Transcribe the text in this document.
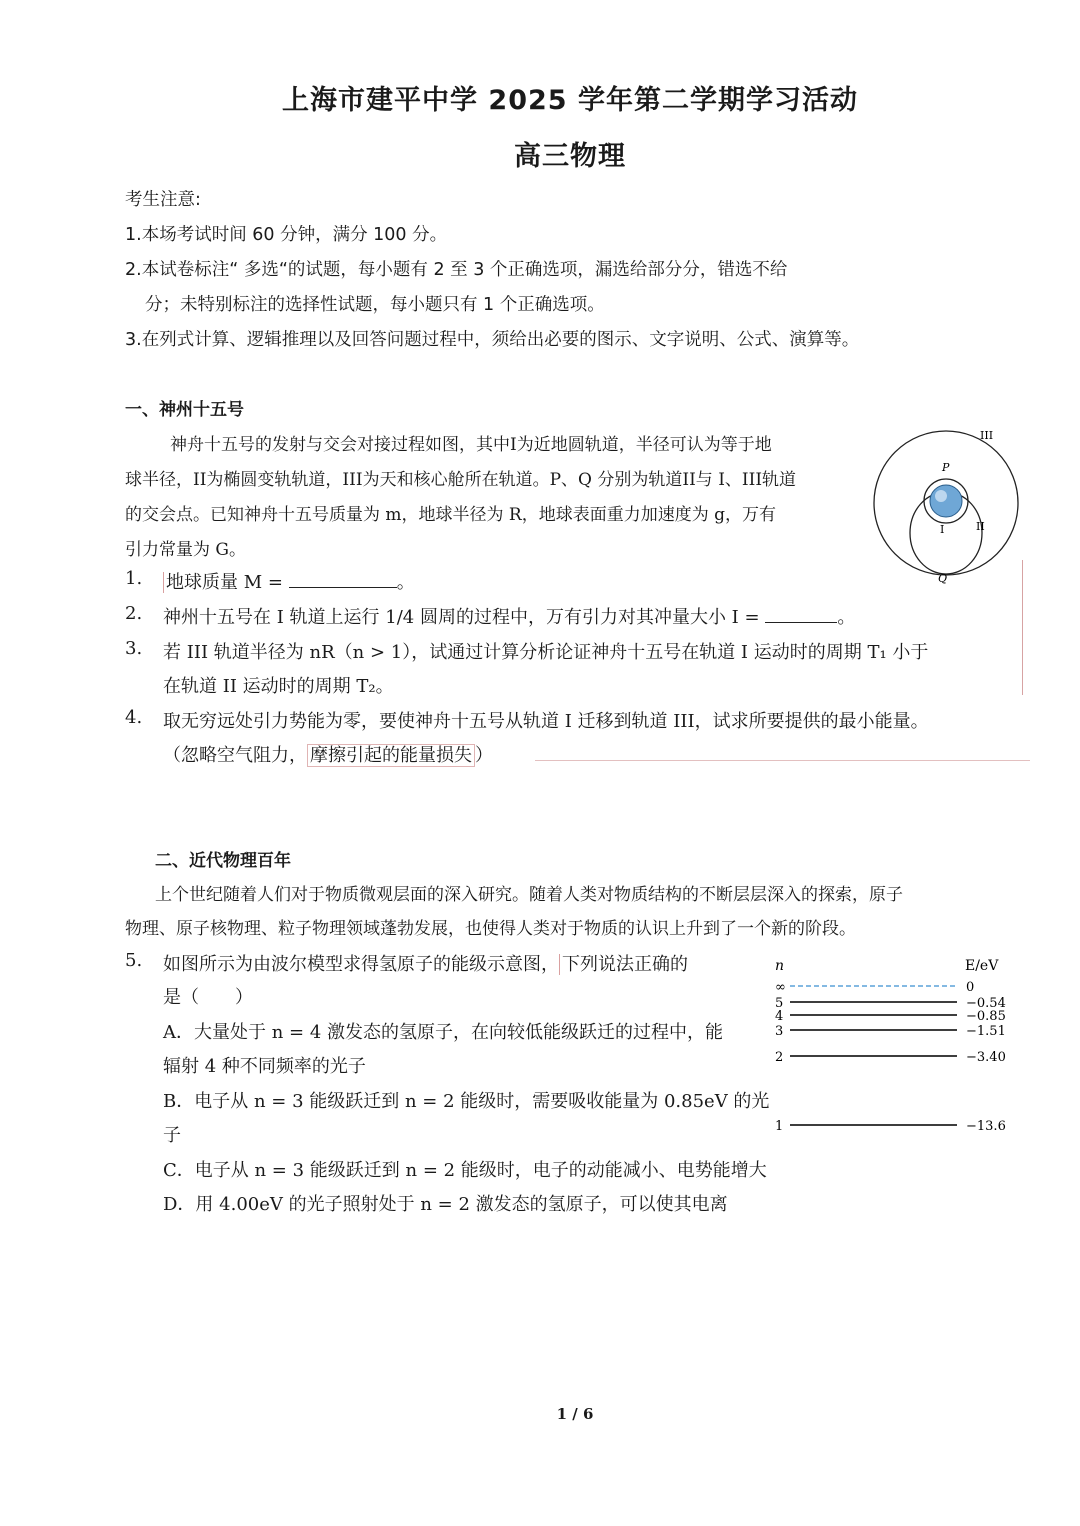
上海市建平中学 2025 学年第二学期学习活动
高三物理
考生注意:
1.本场考试时间 60 分钟，满分 100 分。
2.本试卷标注“ 多选“的试题，每小题有 2 至 3 个正确选项，漏选给部分分，错选不给
分；未特别标注的选择性试题，每小题只有 1 个正确选项。
3.在列式计算、逻辑推理以及回答问题过程中，须给出必要的图示、文字说明、公式、演算等。
一、神州十五号
神舟十五号的发射与交会对接过程如图，其中I为近地圆轨道，半径可认为等于地
球半径，II为椭圆变轨轨道，III为天和核心舱所在轨道。P、Q 分别为轨道II与 I、III轨道
的交会点。已知神舟十五号质量为 m，地球半径为 R，地球表面重力加速度为 g，万有
引力常量为 G。
P
Q
I	II
III
1. 地球质量 M =	。
2. 神州十五号在 I 轨道上运行 1/4 圆周的过程中，万有引力对其冲量大小 I =	。
3. 若 III 轨道半径为 nR（n > 1），试通过计算分析论证神舟十五号在轨道 I 运动时的周期 T₁ 小于
在轨道 II 运动时的周期 T₂。
4. 取无穷远处引力势能为零，要使神舟十五号从轨道 I 迁移到轨道 III，试求所要提供的最小能量。
（忽略空气阻力， 摩擦引起的能量损失 ）
二、近代物理百年
上个世纪随着人们对于物质微观层面的深入研究。随着人类对物质结构的不断层层深入的探索，原子
物理、原子核物理、粒子物理领域蓬勃发展，也使得人类对于物质的认识上升到了一个新的阶段。
5. 如图所示为由波尔模型求得氢原子的能级示意图， 下列说法正确的
是（　　）
A．大量处于 n = 4 激发态的氢原子，在向较低能级跃迁的过程中，能
辐射 4 种不同频率的光子
B．电子从 n = 3 能级跃迁到 n = 2 能级时，需要吸收能量为 0.85eV 的光
子
C．电子从 n = 3 能级跃迁到 n = 2 能级时，电子的动能减小、电势能增大
D．用 4.00eV 的光子照射处于 n = 2 激发态的氢原子，可以使其电离
n	E/eV
∞	0
5	−0.54
4	−0.85
3	−1.51
2	−3.40
1	−13.6
1 / 6
